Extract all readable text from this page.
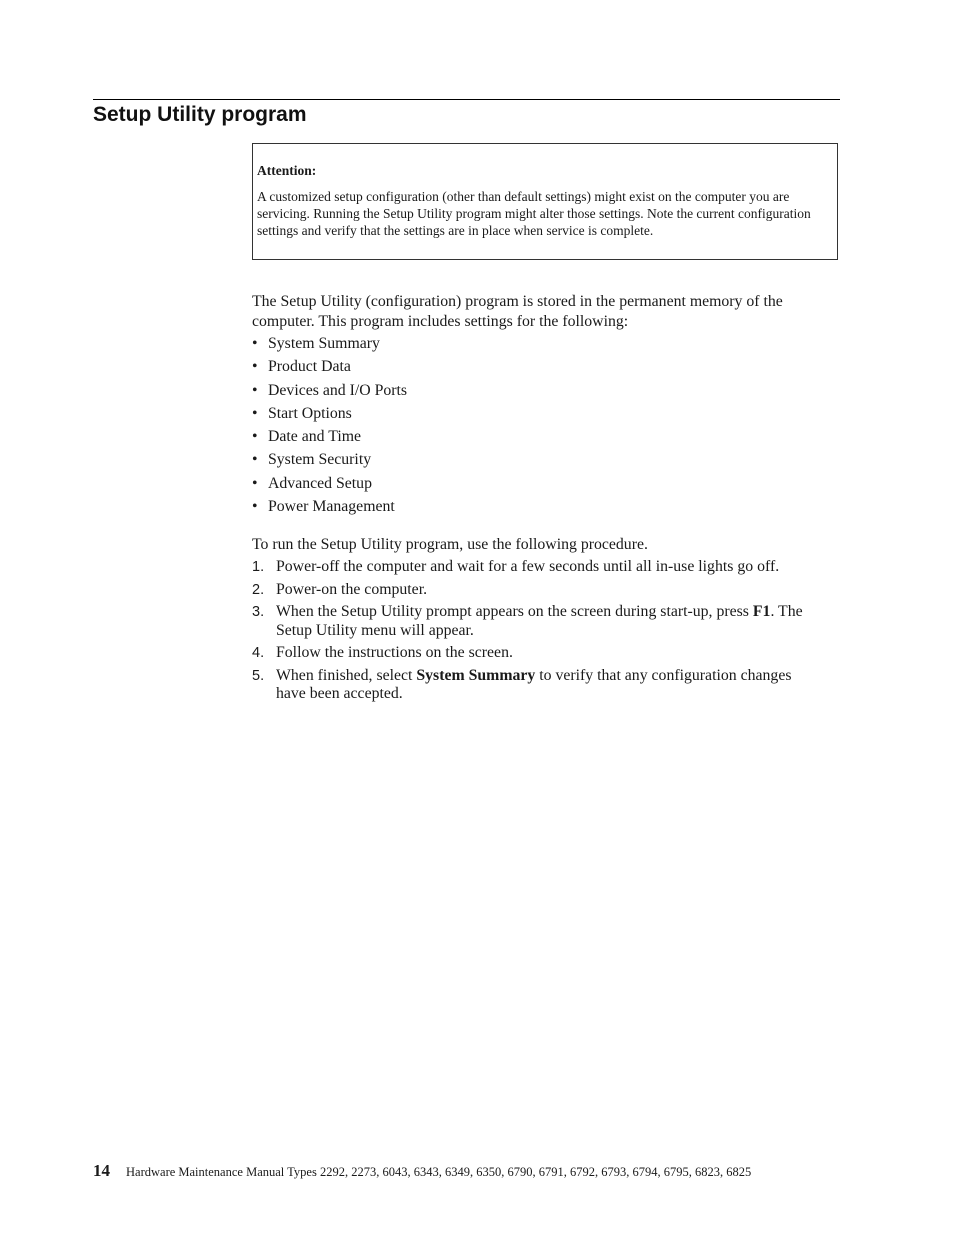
Setup Utility program
Attention:
A customized setup configuration (other than default settings) might exist on the computer you are servicing. Running the Setup Utility program might alter those settings. Note the current configuration settings and verify that the settings are in place when service is complete.

The Setup Utility (configuration) program is stored in the permanent memory of the computer. This program includes settings for the following:

• System Summary
• Product Data
• Devices and I/O Ports
• Start Options
• Date and Time
• System Security
• Advanced Setup
• Power Management

To run the Setup Utility program, use the following procedure.

1. Power-off the computer and wait for a few seconds until all in-use lights go off.
2. Power-on the computer.
3. When the Setup Utility prompt appears on the screen during start-up, press F1. The Setup Utility menu will appear.
4. Follow the instructions on the screen.
5. When finished, select System Summary to verify that any configuration changes have been accepted.
14 Hardware Maintenance Manual Types 2292, 2273, 6043, 6343, 6349, 6350, 6790, 6791, 6792, 6793, 6794, 6795, 6823, 6825
